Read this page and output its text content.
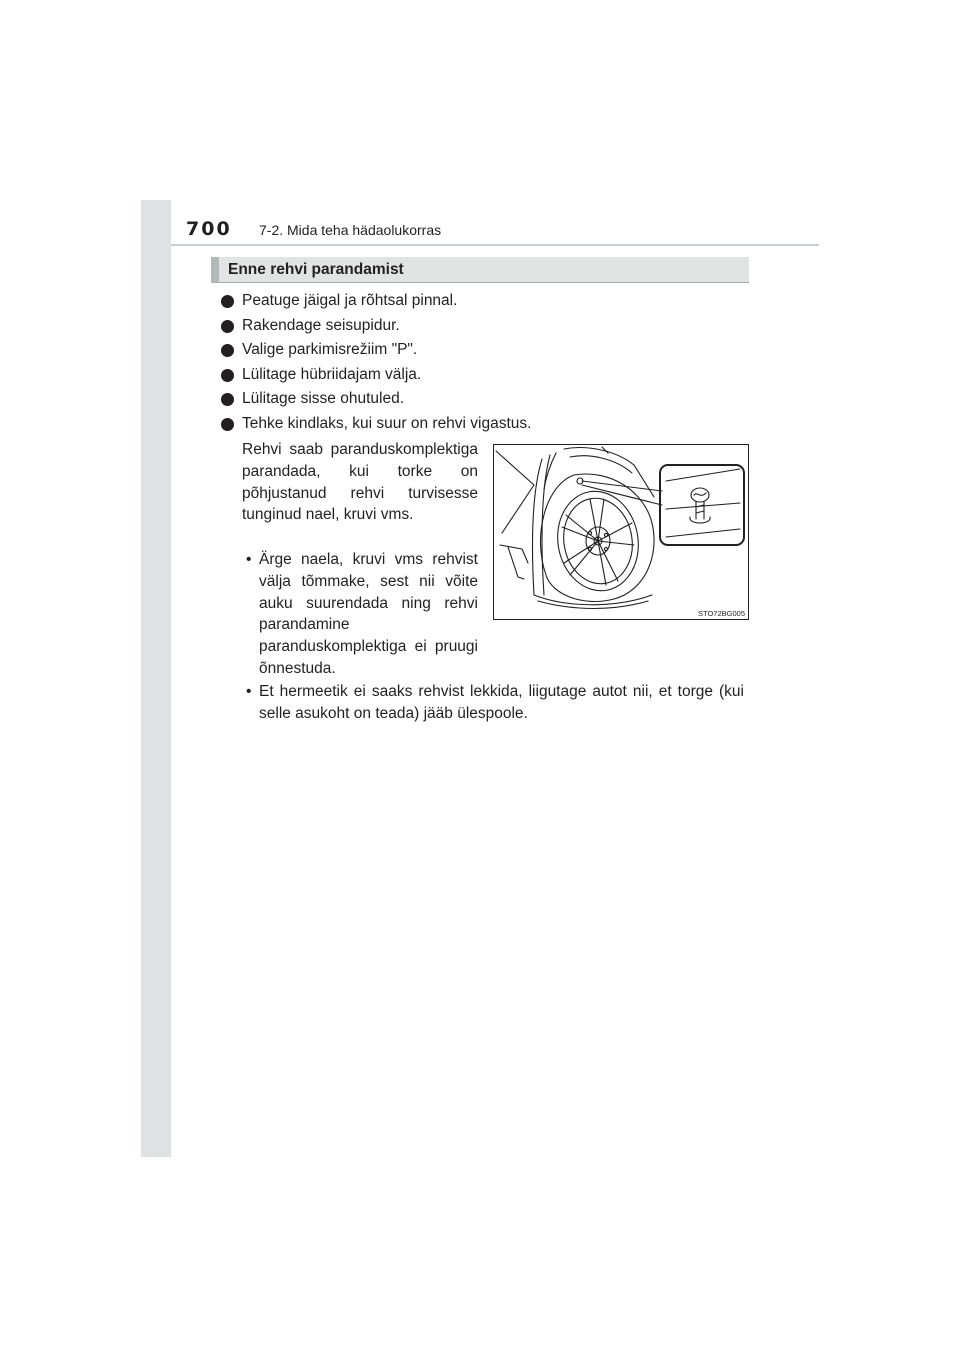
700 7-2. Mida teha hädaolukorras
Enne rehvi parandamist
Peatuge jäigal ja rõhtsal pinnal.
Rakendage seisupidur.
Valige parkimisrežiim "P".
Lülitage hübriidajam välja.
Lülitage sisse ohutuled.
Tehke kindlaks, kui suur on rehvi vigastus.
Rehvi saab paranduskomplektiga parandada, kui torke on põhjustanud rehvi turvisesse tunginud nael, kruvi vms.
• Ärge naela, kruvi vms rehvist välja tõmmake, sest nii võite auku suurendada ning rehvi parandamine paranduskomplektiga ei pruugi õnnestuda.
• Et hermeetik ei saaks rehvist lekkida, liigutage autot nii, et torge (kui selle asukoht on teada) jääb ülespoole.
STO72BG005
